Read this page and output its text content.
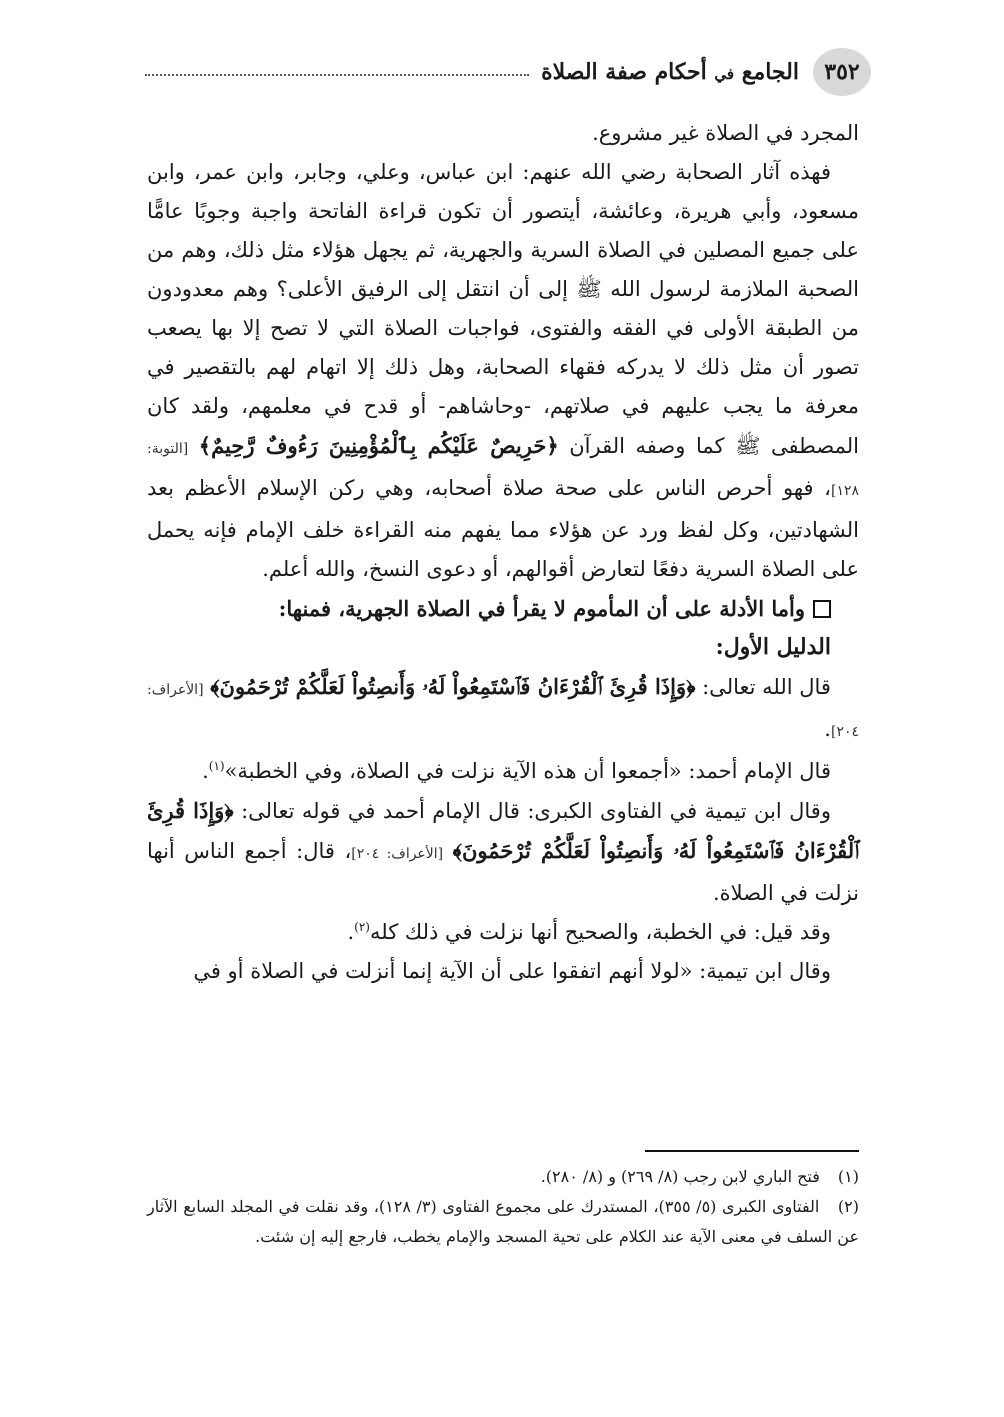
٣٥٢
الجامع في أحكام صفة الصلاة

المجرد في الصلاة غير مشروع.

فهذه آثار الصحابة رضي الله عنهم: ابن عباس، وعلي، وجابر، وابن عمر، وابن مسعود، وأبي هريرة، وعائشة، أيتصور أن تكون قراءة الفاتحة واجبة وجوبًا عامًّا على جميع المصلين في الصلاة السرية والجهرية، ثم يجهل هؤلاء مثل ذلك، وهم من الصحبة الملازمة لرسول الله ﷺ إلى أن انتقل إلى الرفيق الأعلى؟ وهم معدودون من الطبقة الأولى في الفقه والفتوى، فواجبات الصلاة التي لا تصح إلا بها يصعب تصور أن مثل ذلك لا يدركه فقهاء الصحابة، وهل ذلك إلا اتهام لهم بالتقصير في معرفة ما يجب عليهم في صلاتهم، -وحاشاهم- أو قدح في معلمهم، ولقد كان المصطفى ﷺ كما وصفه القرآن ﴿حَرِيصٌ عَلَيْكُم بِٱلْمُؤْمِنِينَ رَءُوفٌ رَّحِيمٌ﴾ [التوبة: ١٢٨]، فهو أحرص الناس على صحة صلاة أصحابه، وهي ركن الإسلام الأعظم بعد الشهادتين، وكل لفظ ورد عن هؤلاء مما يفهم منه القراءة خلف الإمام فإنه يحمل على الصلاة السرية دفعًا لتعارض أقوالهم، أو دعوى النسخ، والله أعلم.

وأما الأدلة على أن المأموم لا يقرأ في الصلاة الجهرية، فمنها:
الدليل الأول:

قال الله تعالى: ﴿وَإِذَا قُرِئَ ٱلْقُرْءَانُ فَٱسْتَمِعُواْ لَهُۥ وَأَنصِتُواْ لَعَلَّكُمْ تُرْحَمُونَ﴾ [الأعراف: ٢٠٤].

قال الإمام أحمد: «أجمعوا أن هذه الآية نزلت في الصلاة، وفي الخطبة»$^{(١)}$.

وقال ابن تيمية في الفتاوى الكبرى: قال الإمام أحمد في قوله تعالى: ﴿وَإِذَا قُرِئَ ٱلْقُرْءَانُ فَٱسْتَمِعُواْ لَهُۥ وَأَنصِتُواْ لَعَلَّكُمْ تُرْحَمُونَ﴾ [الأعراف: ٢٠٤]، قال: أجمع الناس أنها نزلت في الصلاة.

وقد قيل: في الخطبة، والصحيح أنها نزلت في ذلك كله$^{(٢)}$.

وقال ابن تيمية: «لولا أنهم اتفقوا على أن الآية إنما أنزلت في الصلاة أو في

(١) فتح الباري لابن رجب (٨/ ٢٦٩) و (٨/ ٢٨٠).

(٢) الفتاوى الكبرى (٥/ ٣٥٥)، المستدرك على مجموع الفتاوى (٣/ ١٢٨)، وقد نقلت في المجلد السابع الآثار عن السلف في معنى الآية عند الكلام على تحية المسجد والإمام يخطب، فارجع إليه إن شئت.
